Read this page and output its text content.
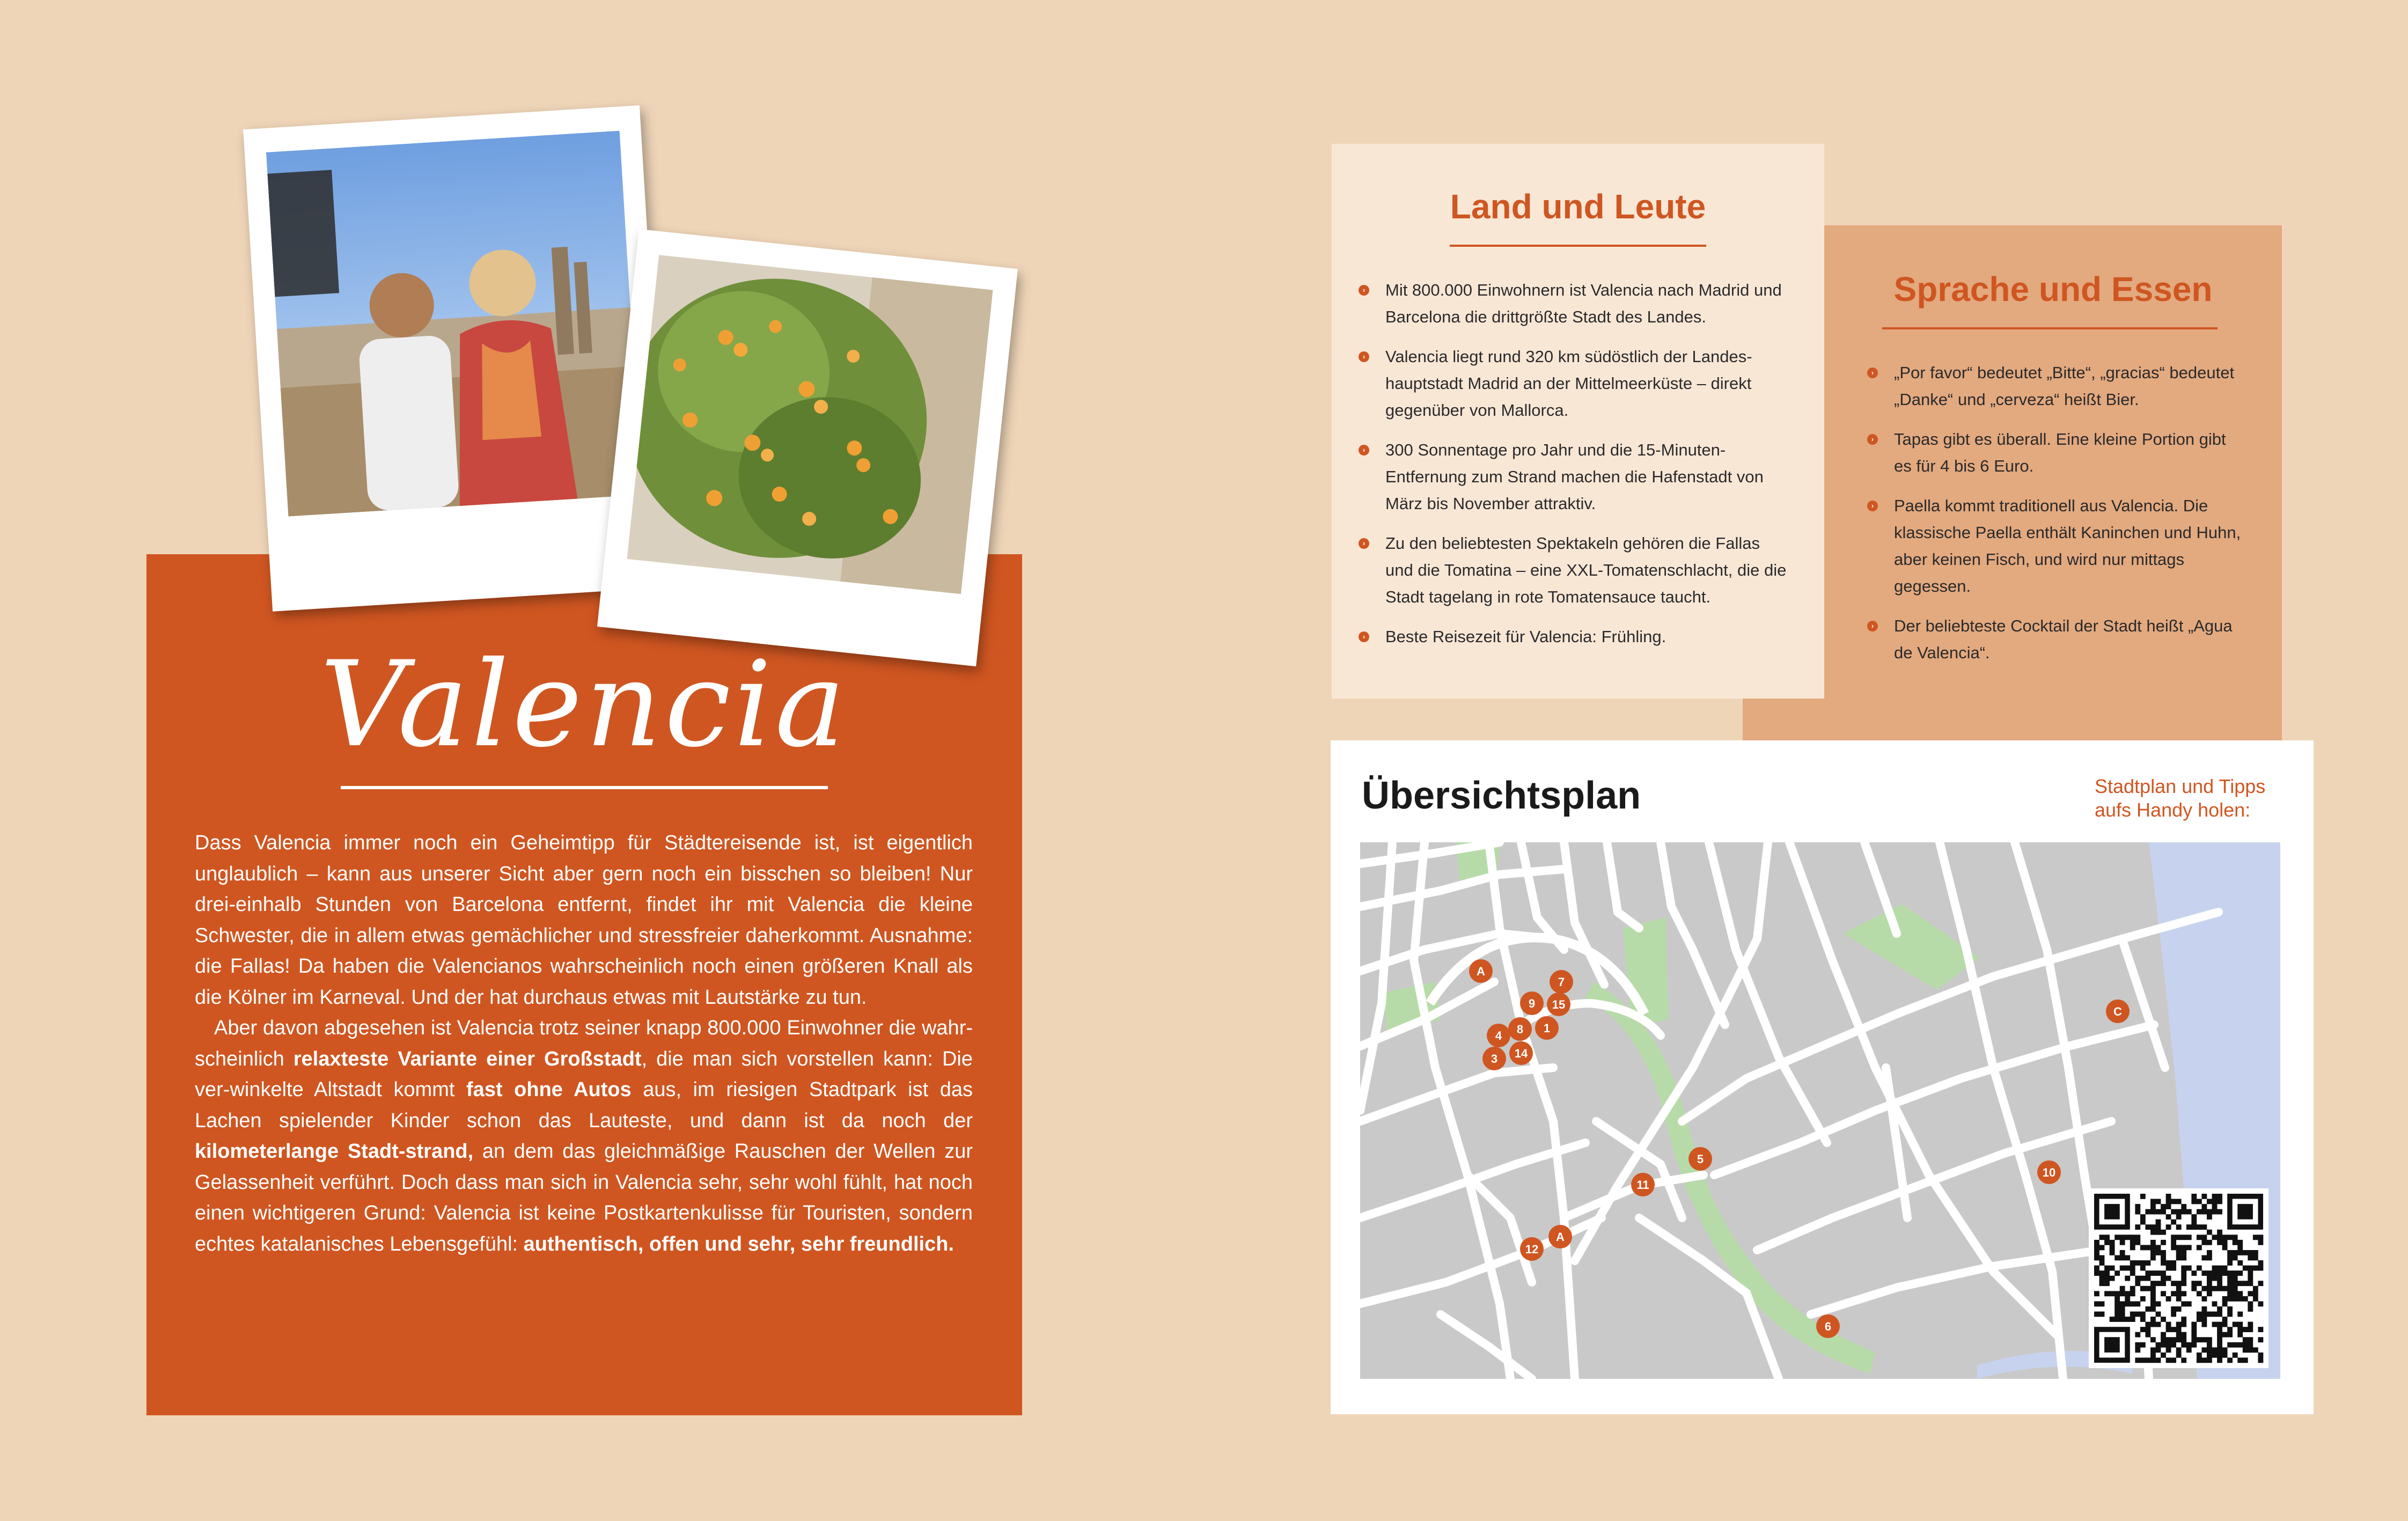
Valencia

Dass Valencia immer noch ein Geheimtipp für Städtereisende ist, ist eigentlich unglaublich – kann aus unserer Sicht aber gern noch ein bisschen so bleiben! Nur drei-einhalb Stunden von Barcelona entfernt, findet ihr mit Valencia die kleine Schwester, die in allem etwas gemächlicher und stressfreier daherkommt. Ausnahme: die Fallas! Da haben die Valencianos wahrscheinlich noch einen größeren Knall als die Kölner im Karneval. Und der hat durchaus etwas mit Lautstärke zu tun.

Aber davon abgesehen ist Valencia trotz seiner knapp 800.000 Einwohner die wahr-scheinlich relaxteste Variante einer Großstadt, die man sich vorstellen kann: Die ver-winkelte Altstadt kommt fast ohne Autos aus, im riesigen Stadtpark ist das Lachen spielender Kinder schon das Lauteste, und dann ist da noch der kilometerlange Stadt-strand, an dem das gleichmäßige Rauschen der Wellen zur Gelassenheit verführt. Doch dass man sich in Valencia sehr, sehr wohl fühlt, hat noch einen wichtigeren Grund: Valencia ist keine Postkartenkulisse für Touristen, sondern echtes katalanisches Lebensgefühl: authentisch, offen und sehr, sehr freundlich.

Sprache und Essen
› „Por favor“ bedeutet „Bitte“, „gracias“ bedeutet „Danke“ und „cerveza“ heißt Bier.
› Tapas gibt es überall. Eine kleine Portion gibt es für 4 bis 6 Euro.
› Paella kommt traditionell aus Valencia. Die klassische Paella enthält Kaninchen und Huhn, aber keinen Fisch, und wird nur mittags gegessen.
› Der beliebteste Cocktail der Stadt heißt „Agua de Valencia“.
Land und Leute
› Mit 800.000 Einwohnern ist Valencia nach Madrid und Barcelona die drittgrößte Stadt des Landes.
› Valencia liegt rund 320 km südöstlich der Landes-hauptstadt Madrid an der Mittelmeerküste – direkt gegenüber von Mallorca.
› 300 Sonnentage pro Jahr und die 15-Minuten-Entfernung zum Strand machen die Hafenstadt von März bis November attraktiv.
› Zu den beliebtesten Spektakeln gehören die Fallas und die Tomatina – eine XXL-Tomatenschlacht, die die Stadt tagelang in rote Tomatensauce taucht.
› Beste Reisezeit für Valencia: Frühling.
Übersichtsplan	Stadtplan und Tipps aufs Handy holen:
A
7
9 15
4 8 1
3 14
5
11
A
12
6
C
10
